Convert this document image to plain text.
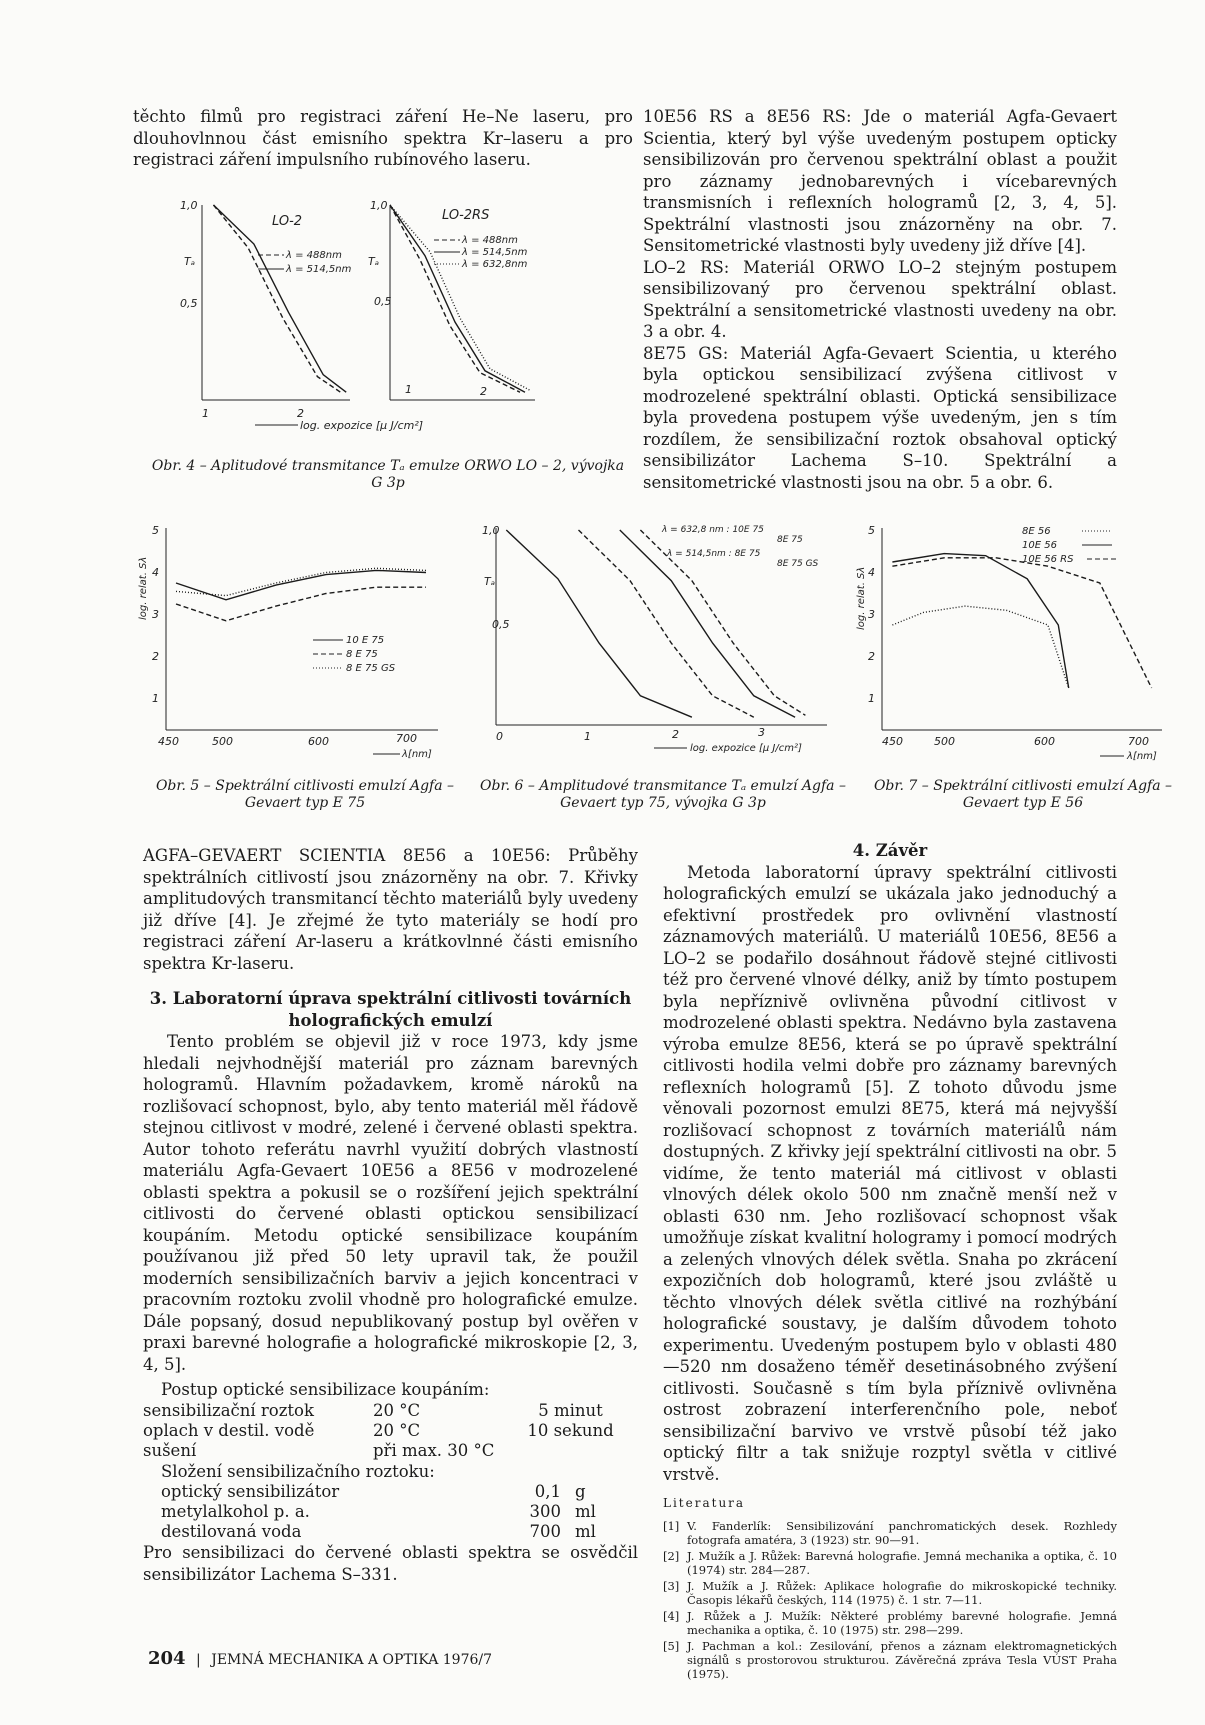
těchto filmů pro registraci záření He–Ne laseru, pro dlouhovlnnou část emisního spektra Kr–laseru a pro registraci záření impulsního rubínového laseru.

1,0
0,5
Tₐ
LO-2
λ = 488nm
λ = 514,5nm
1	2
1,0
0,5
Tₐ
LO-2RS
λ = 488nm
λ = 514,5nm
λ = 632,8nm
1	2
log. expozice [μ J/cm²]
Obr. 4 – Aplitudové transmitance Tₐ emulze ORWO LO – 2, vývojka G 3p

10E56 RS a 8E56 RS: Jde o materiál Agfa-Gevaert Scientia, který byl výše uvedeným postupem opticky sensibilizován pro červenou spektrální oblast a použit pro záznamy jednobarevných i vícebarevných transmisních i reflexních hologramů [2, 3, 4, 5]. Spektrální vlastnosti jsou znázorněny na obr. 7. Sensitometrické vlastnosti byly uvedeny již dříve [4].

LO–2 RS: Materiál ORWO LO–2 stejným postupem sensibilizovaný pro červenou spektrální oblast. Spektrální a sensitometrické vlastnosti uvedeny na obr. 3 a obr. 4.

8E75 GS: Materiál Agfa-Gevaert Scientia, u kterého byla optickou sensibilizací zvýšena citlivost v modrozelené spektrální oblasti. Optická sensibilizace byla provedena postupem výše uvedeným, jen s tím rozdílem, že sensibilizační roztok obsahoval optický sensibilizátor Lachema S–10. Spektrální a sensitometrické vlastnosti jsou na obr. 5 a obr. 6.

5
4
3
2
1
log. relat. Sλ
10 E 75
8 E 75
8 E 75 GS
450	500	600	700
λ[nm]
Obr. 5 – Spektrální citlivosti emulzí Agfa – Gevaert typ E 75
1,0
0,5
Tₐ
λ = 632,8 nm : 10E 75
8E 75
λ = 514,5nm : 8E 75
8E 75 GS
0	1	2	3
log. expozice [μ J/cm²]
Obr. 6 – Amplitudové transmitance Tₐ emulzí Agfa – Gevaert typ 75, vývojka G 3p
5
4
3
2
1
log. relat. Sλ
8E 56
10E 56
10E 56 RS
450	500	600	700
λ[nm]
Obr. 7 – Spektrální citlivosti emulzí Agfa – Gevaert typ E 56

AGFA–GEVAERT SCIENTIA 8E56 a 10E56: Průběhy spektrálních citlivostí jsou znázorněny na obr. 7. Křivky amplitudových transmitancí těchto materiálů byly uvedeny již dříve [4]. Je zřejmé že tyto materiály se hodí pro registraci záření Ar-laseru a krátkovlnné části emisního spektra Kr-laseru.

3. Laboratorní úprava spektrální citlivosti továrních holografických emulzí

Tento problém se objevil již v roce 1973, kdy jsme hledali nejvhodnější materiál pro záznam barevných hologramů. Hlavním požadavkem, kromě nároků na rozlišovací schopnost, bylo, aby tento materiál měl řádově stejnou citlivost v modré, zelené i červené oblasti spektra. Autor tohoto referátu navrhl využití dobrých vlastností materiálu Agfa-Gevaert 10E56 a 8E56 v modrozelené oblasti spektra a pokusil se o rozšíření jejich spektrální citlivosti do červené oblasti optickou sensibilizací koupáním. Metodu optické sensibilizace koupáním používanou již před 50 lety upravil tak, že použil moderních sensibilizačních barviv a jejich koncentraci v pracovním roztoku zvolil vhodně pro holografické emulze. Dále popsaný, dosud nepublikovaný postup byl ověřen v praxi barevné holografie a holografické mikroskopie [2, 3, 4, 5].

Postup optické sensibilizace koupáním:

sensibilizační roztok	20 °C	5 minut
oplach v destil. vodě	20 °C	10 sekund
sušení	při max. 30 °C	

Složení sensibilizačního roztoku:

optický sensibilizátor	0,1	g
metylalkohol p. a.	300	ml
destilovaná voda	700	ml

Pro sensibilizaci do červené oblasti spektra se osvědčil sensibilizátor Lachema S–331.

4. Závěr

Metoda laboratorní úpravy spektrální citlivosti holografických emulzí se ukázala jako jednoduchý a efektivní prostředek pro ovlivnění vlastností záznamových materiálů. U materiálů 10E56, 8E56 a LO–2 se podařilo dosáhnout řádově stejné citlivosti též pro červené vlnové délky, aniž by tímto postupem byla nepříznivě ovlivněna původní citlivost v modrozelené oblasti spektra. Nedávno byla zastavena výroba emulze 8E56, která se po úpravě spektrální citlivosti hodila velmi dobře pro záznamy barevných reflexních hologramů [5]. Z tohoto důvodu jsme věnovali pozornost emulzi 8E75, která má nejvyšší rozlišovací schopnost z továrních materiálů nám dostupných. Z křivky její spektrální citlivosti na obr. 5 vidíme, že tento materiál má citlivost v oblasti vlnových délek okolo 500 nm značně menší než v oblasti 630 nm. Jeho rozlišovací schopnost však umožňuje získat kvalitní hologramy i pomocí modrých a zelených vlnových délek světla. Snaha po zkrácení expozičních dob hologramů, které jsou zvláště u těchto vlnových délek světla citlivé na rozhýbání holografické soustavy, je dalším důvodem tohoto experimentu. Uvedeným postupem bylo v oblasti 480—520 nm dosaženo téměř desetinásobného zvýšení citlivosti. Současně s tím byla příznivě ovlivněna ostrost zobrazení interferenčního pole, neboť sensibilizační barvivo ve vrstvě působí též jako optický filtr a tak snižuje rozptyl světla v citlivé vrstvě.

Literatura
[1] V. Fanderlík: Sensibilizování panchromatických desek. Rozhledy fotografa amatéra, 3 (1923) str. 90—91.
[2] J. Mužík a J. Růžek: Barevná holografie. Jemná mechanika a optika, č. 10 (1974) str. 284—287.
[3] J. Mužík a J. Růžek: Aplikace holografie do mikroskopické techniky. Časopis lékařů českých, 114 (1975) č. 1 str. 7—11.
[4] J. Růžek a J. Mužík: Některé problémy barevné holografie. Jemná mechanika a optika, č. 10 (1975) str. 298—299.
[5] J. Pachman a kol.: Zesilování, přenos a záznam elektromagnetických signálů s prostorovou strukturou. Závěrečná zpráva Tesla VÚST Praha (1975).
204 | JEMNÁ MECHANIKA A OPTIKA 1976/7
